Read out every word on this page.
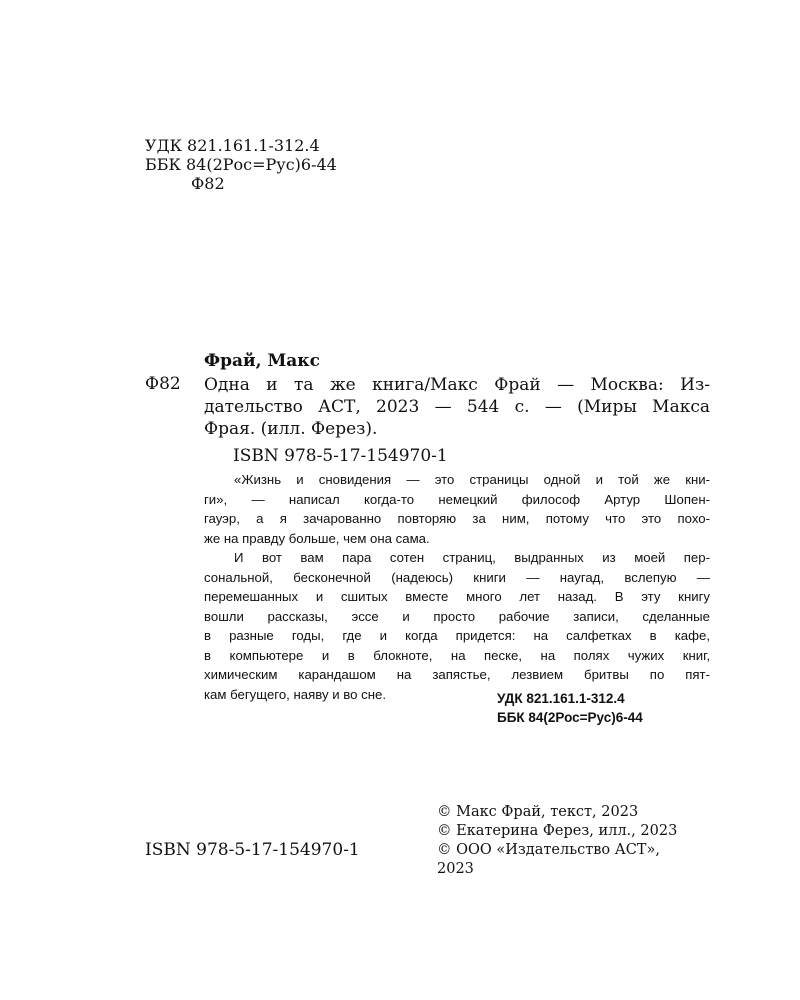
УДК 821.161.1-312.4
ББК 84(2Рос=Рус)6-44
Ф82
Фрай, Макс
Ф82 Одна и та же книга/Макс Фрай — Москва: Из-
дательство АСТ, 2023 — 544 с. — (Миры Макса
Фрая. (илл. Ферез).
ISBN 978-5-17-154970-1
«Жизнь и сновидения — это страницы одной и той же кни-
ги», — написал когда-то немецкий философ Артур Шопен-
гауэр, а я зачарованно повторяю за ним, потому что это похо-
же на правду больше, чем она сама.
И вот вам пара сотен страниц, выдранных из моей пер-
сональной, бесконечной (надеюсь) книги — наугад, вслепую —
перемешанных и сшитых вместе много лет назад. В эту книгу
вошли рассказы, эссе и просто рабочие записи, сделанные
в разные годы, где и когда придется: на салфетках в кафе,
в компьютере и в блокноте, на песке, на полях чужих книг,
химическим карандашом на запястье, лезвием бритвы по пят-
кам бегущего, наяву и во сне.	УДК 821.161.1-312.4
ББК 84(2Рос=Рус)6-44
© Макс Фрай, текст, 2023
© Екатерина Ферез, илл., 2023
© ООО «Издательство АСТ»,
2023
ISBN 978-5-17-154970-1
